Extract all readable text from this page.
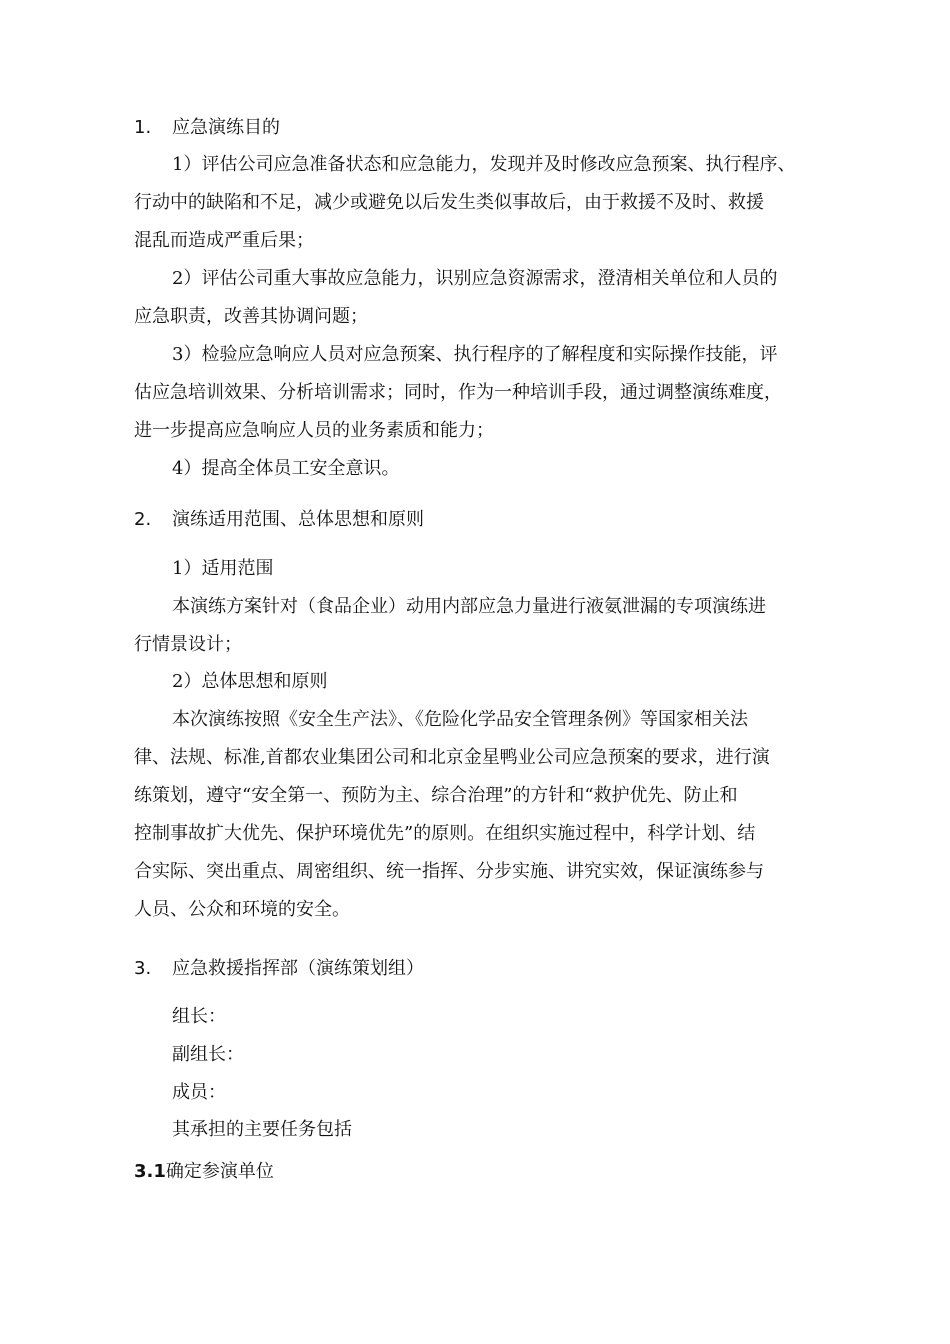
1. 应急演练目的
1）评估公司应急准备状态和应急能力，发现并及时修改应急预案、执行程序、
行动中的缺陷和不足，减少或避免以后发生类似事故后，由于救援不及时、救援
混乱而造成严重后果；
2）评估公司重大事故应急能力，识别应急资源需求，澄清相关单位和人员的
应急职责，改善其协调问题；
3）检验应急响应人员对应急预案、执行程序的了解程度和实际操作技能，评
估应急培训效果、分析培训需求；同时，作为一种培训手段，通过调整演练难度，
进一步提高应急响应人员的业务素质和能力；
4）提高全体员工安全意识。
2. 演练适用范围、总体思想和原则
1）适用范围
本演练方案针对（食品企业）动用内部应急力量进行液氨泄漏的专项演练进
行情景设计；
2）总体思想和原则
本次演练按照《安全生产法》、《危险化学品安全管理条例》等国家相关法
律、法规、标准,首都农业集团公司和北京金星鸭业公司应急预案的要求，进行演
练策划，遵守“安全第一、预防为主、综合治理”的方针和“救护优先、防止和
控制事故扩大优先、保护环境优先”的原则。在组织实施过程中，科学计划、结
合实际、突出重点、周密组织、统一指挥、分步实施、讲究实效，保证演练参与
人员、公众和环境的安全。
3. 应急救援指挥部（演练策划组）
组长：
副组长：
成员：
其承担的主要任务包括
3.1确定参演单位
